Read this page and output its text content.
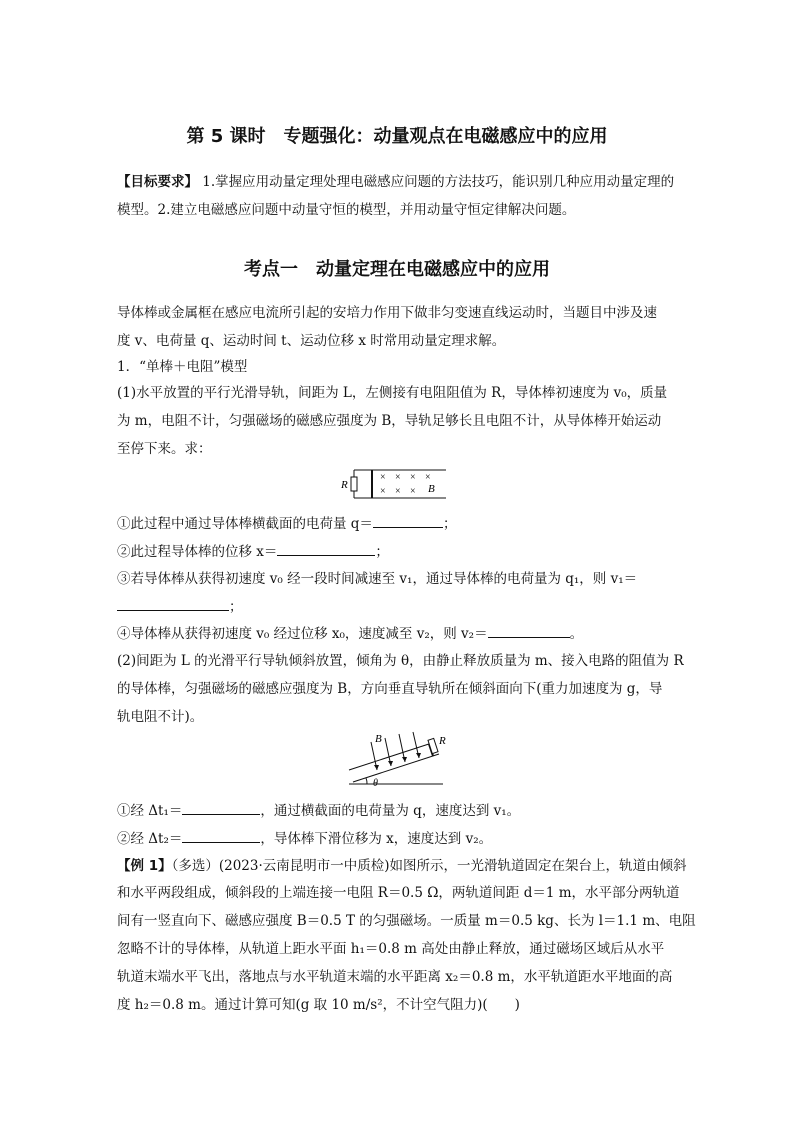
第 5 课时　专题强化：动量观点在电磁感应中的应用
【目标要求】 1.掌握应用动量定理处理电磁感应问题的方法技巧，能识别几种应用动量定理的
模型。2.建立电磁感应问题中动量守恒的模型，并用动量守恒定律解决问题。
考点一　动量定理在电磁感应中的应用
导体棒或金属框在感应电流所引起的安培力作用下做非匀变速直线运动时，当题目中涉及速
度 v、电荷量 q、运动时间 t、运动位移 x 时常用动量定理求解。
1．“单棒＋电阻”模型
(1)水平放置的平行光滑导轨，间距为 L，左侧接有电阻阻值为 R，导体棒初速度为 v₀，质量
为 m，电阻不计，匀强磁场的磁感应强度为 B，导轨足够长且电阻不计，从导体棒开始运动
至停下来。求：
R
× × × ×
× × × B
①此过程中通过导体棒横截面的电荷量 q＝	；
②此过程导体棒的位移 x＝	；
③若导体棒从获得初速度 v₀ 经一段时间减速至 v₁，通过导体棒的电荷量为 q₁，则 v₁＝
；
④导体棒从获得初速度 v₀ 经过位移 x₀，速度减至 v₂，则 v₂＝	。
(2)间距为 L 的光滑平行导轨倾斜放置，倾角为 θ，由静止释放质量为 m、接入电路的阻值为 R
的导体棒，匀强磁场的磁感应强度为 B，方向垂直导轨所在倾斜面向下(重力加速度为 g，导
轨电阻不计)。
B	R
θ
①经 Δt₁＝	，通过横截面的电荷量为 q，速度达到 v₁。
②经 Δt₂＝	，导体棒下滑位移为 x，速度达到 v₂。
【例 1】（多选）(2023·云南昆明市一中质检)如图所示，一光滑轨道固定在架台上，轨道由倾斜
和水平两段组成，倾斜段的上端连接一电阻 R＝0.5 Ω，两轨道间距 d＝1 m，水平部分两轨道
间有一竖直向下、磁感应强度 B＝0.5 T 的匀强磁场。一质量 m＝0.5 kg、长为 l＝1.1 m、电阻
忽略不计的导体棒，从轨道上距水平面 h₁＝0.8 m 高处由静止释放，通过磁场区域后从水平
轨道末端水平飞出，落地点与水平轨道末端的水平距离 x₂＝0.8 m，水平轨道距水平地面的高
度 h₂＝0.8 m。通过计算可知(g 取 10 m/s²，不计空气阻力)(　　)
